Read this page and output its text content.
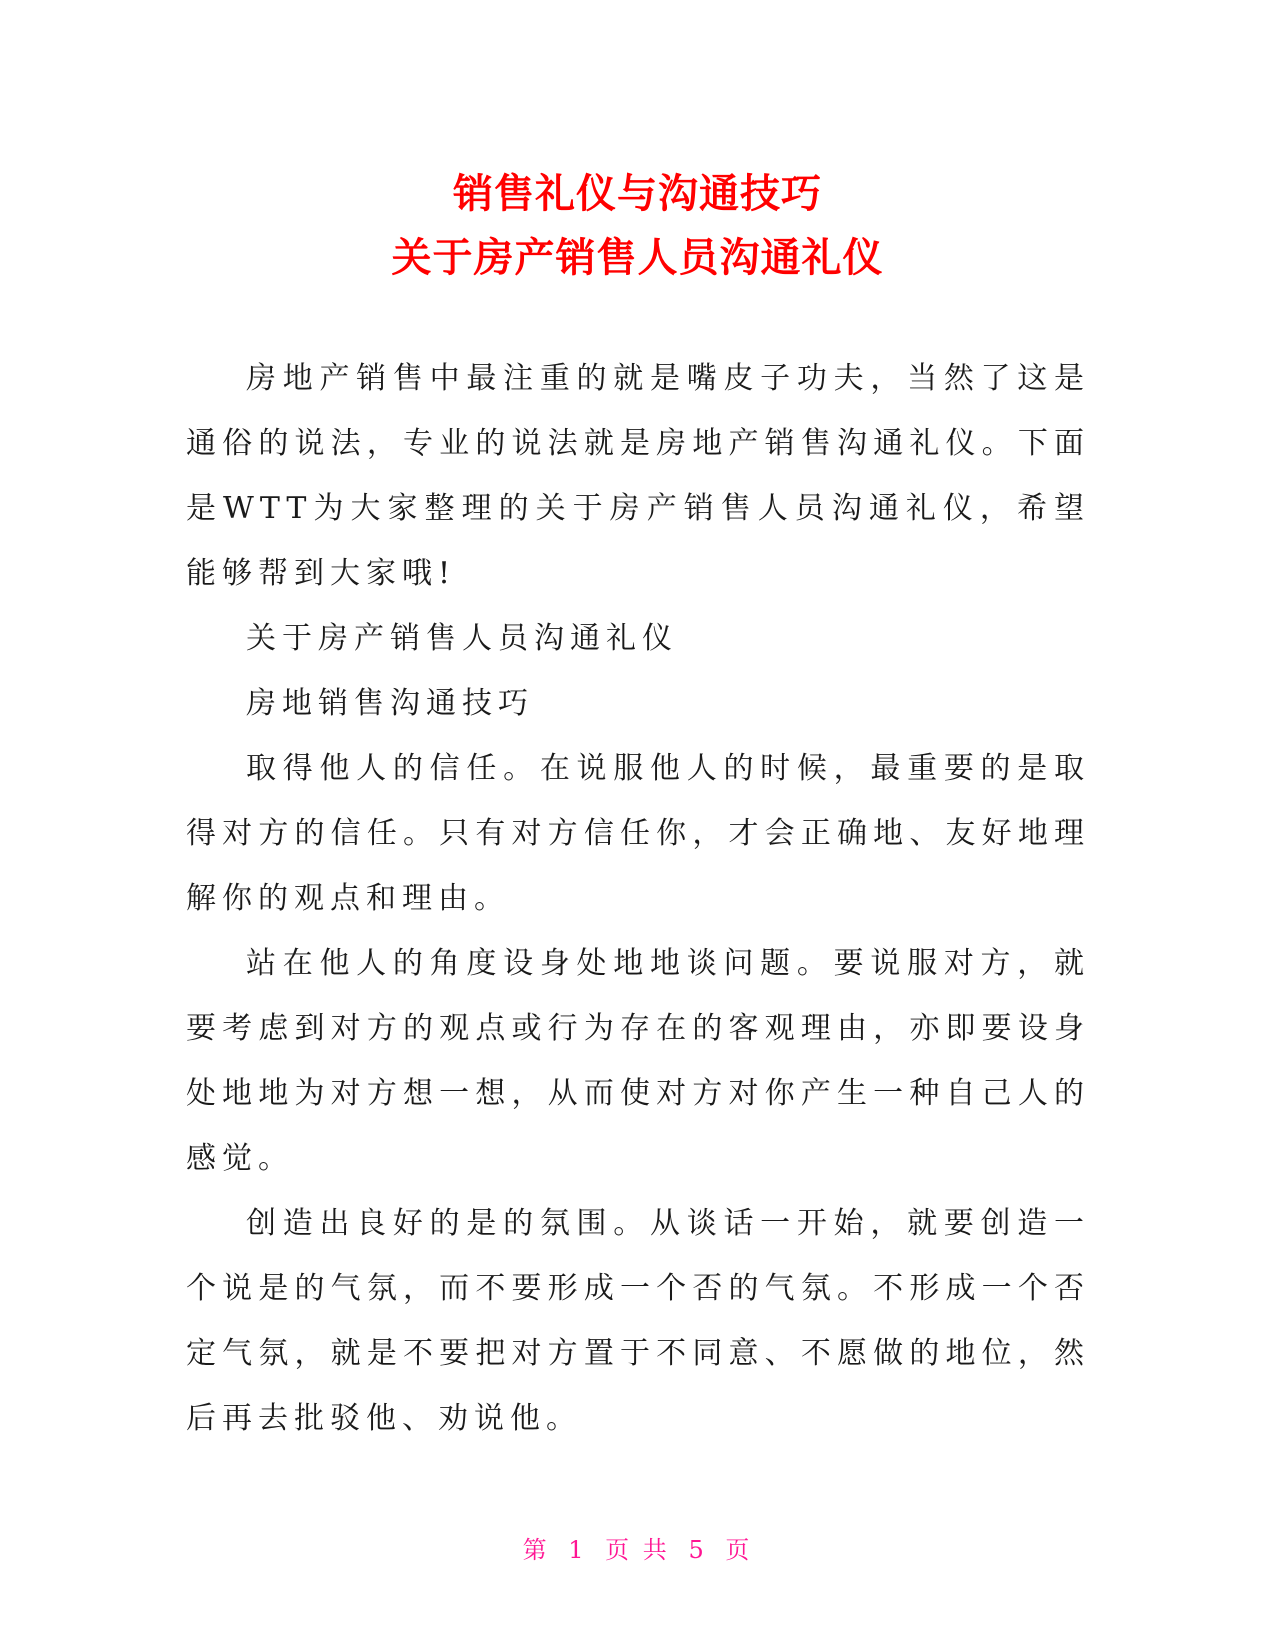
销售礼仪与沟通技巧
关于房产销售人员沟通礼仪

房地产销售中最注重的就是嘴皮子功夫，当然了这是通俗的说法，专业的说法就是房地产销售沟通礼仪。下面是WTT为大家整理的关于房产销售人员沟通礼仪，希望能够帮到大家哦!

关于房产销售人员沟通礼仪

房地销售沟通技巧

取得他人的信任。在说服他人的时候，最重要的是取得对方的信任。只有对方信任你，才会正确地、友好地理解你的观点和理由。

站在他人的角度设身处地地谈问题。要说服对方，就要考虑到对方的观点或行为存在的客观理由，亦即要设身处地地为对方想一想，从而使对方对你产生一种自己人的感觉。

创造出良好的是的氛围。从谈话一开始，就要创造一个说是的气氛，而不要形成一个否的气氛。不形成一个否定气氛，就是不要把对方置于不同意、不愿做的地位，然后再去批驳他、劝说他。

第 1 页 共 5 页
